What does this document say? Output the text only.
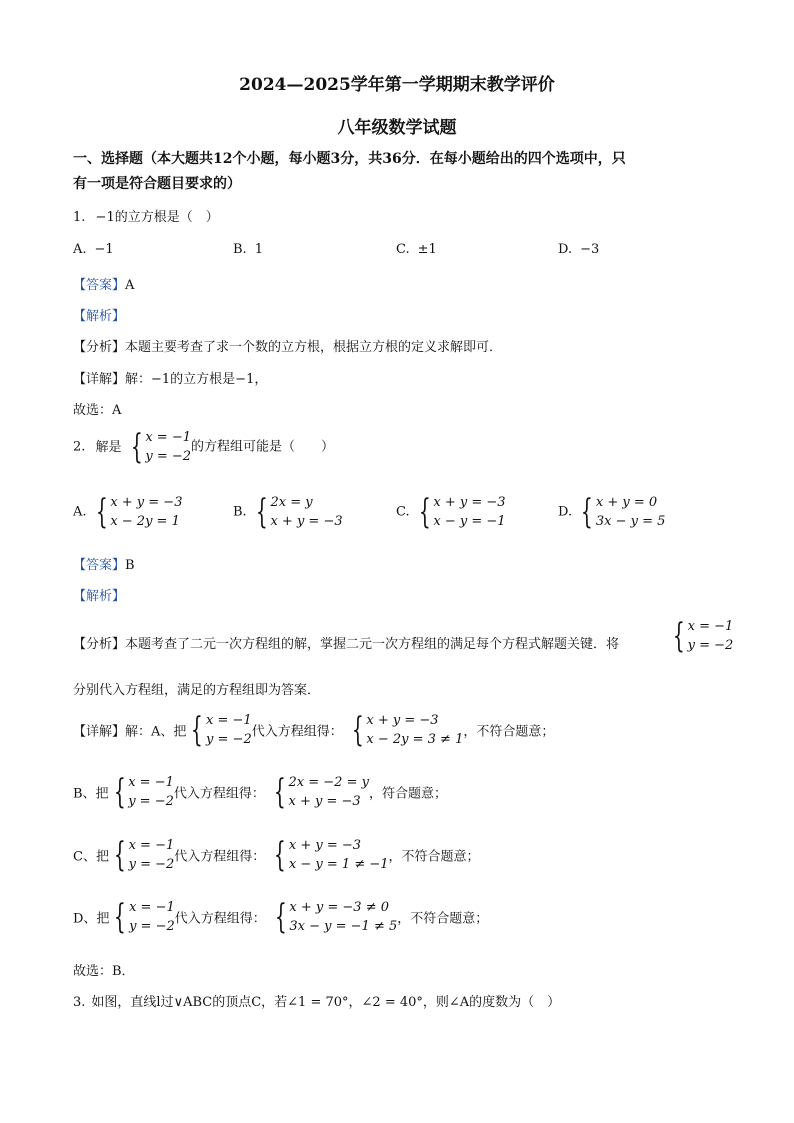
2024—2025学年第一学期期末教学评价
八年级数学试题
一、选择题（本大题共12个小题，每小题3分，共36分．在每小题给出的四个选项中，只
有一项是符合题目要求的）
1. −1的立方根是（　）
A. −1	B. 1	C. ±1	D. −3
【答案】A
【解析】
【分析】本题主要考查了求一个数的立方根，根据立方根的定义求解即可．
【详解】解：−1的立方根是−1，
故选：A
2. 解是 { x = −1
y = −2
的方程组可能是（　　）
A. { x + y = −3
x − 2y = 1
B. { 2x = y
x + y = −3
C. { x + y = −3
x − y = −1
D. { x + y = 0
3x − y = 5
【答案】B
【解析】
【分析】本题考查了二元一次方程组的解，掌握二元一次方程组的满足每个方程式解题关键．将 { x = −1
y = −2
分别代入方程组，满足的方程组即为答案．
【详解】解：A、把 { x = −1
y = −2 代入方程组得： { x + y = −3
x − 2y = 3 ≠ 1 ，不符合题意；
B、把 { x = −1
y = −2 代入方程组得： { 2x = −2 = y
x + y = −3 ，符合题意；
C、把 { x = −1
y = −2 代入方程组得： { x + y = −3
x − y = 1 ≠ −1 ，不符合题意；
D、把 { x = −1
y = −2 代入方程组得： { x + y = −3 ≠ 0
3x − y = −1 ≠ 5 ，不符合题意；
故选：B．
3. 如图，直线l过∨ABC的顶点C，若∠1 = 70°，∠2 = 40°，则∠A的度数为（　）
